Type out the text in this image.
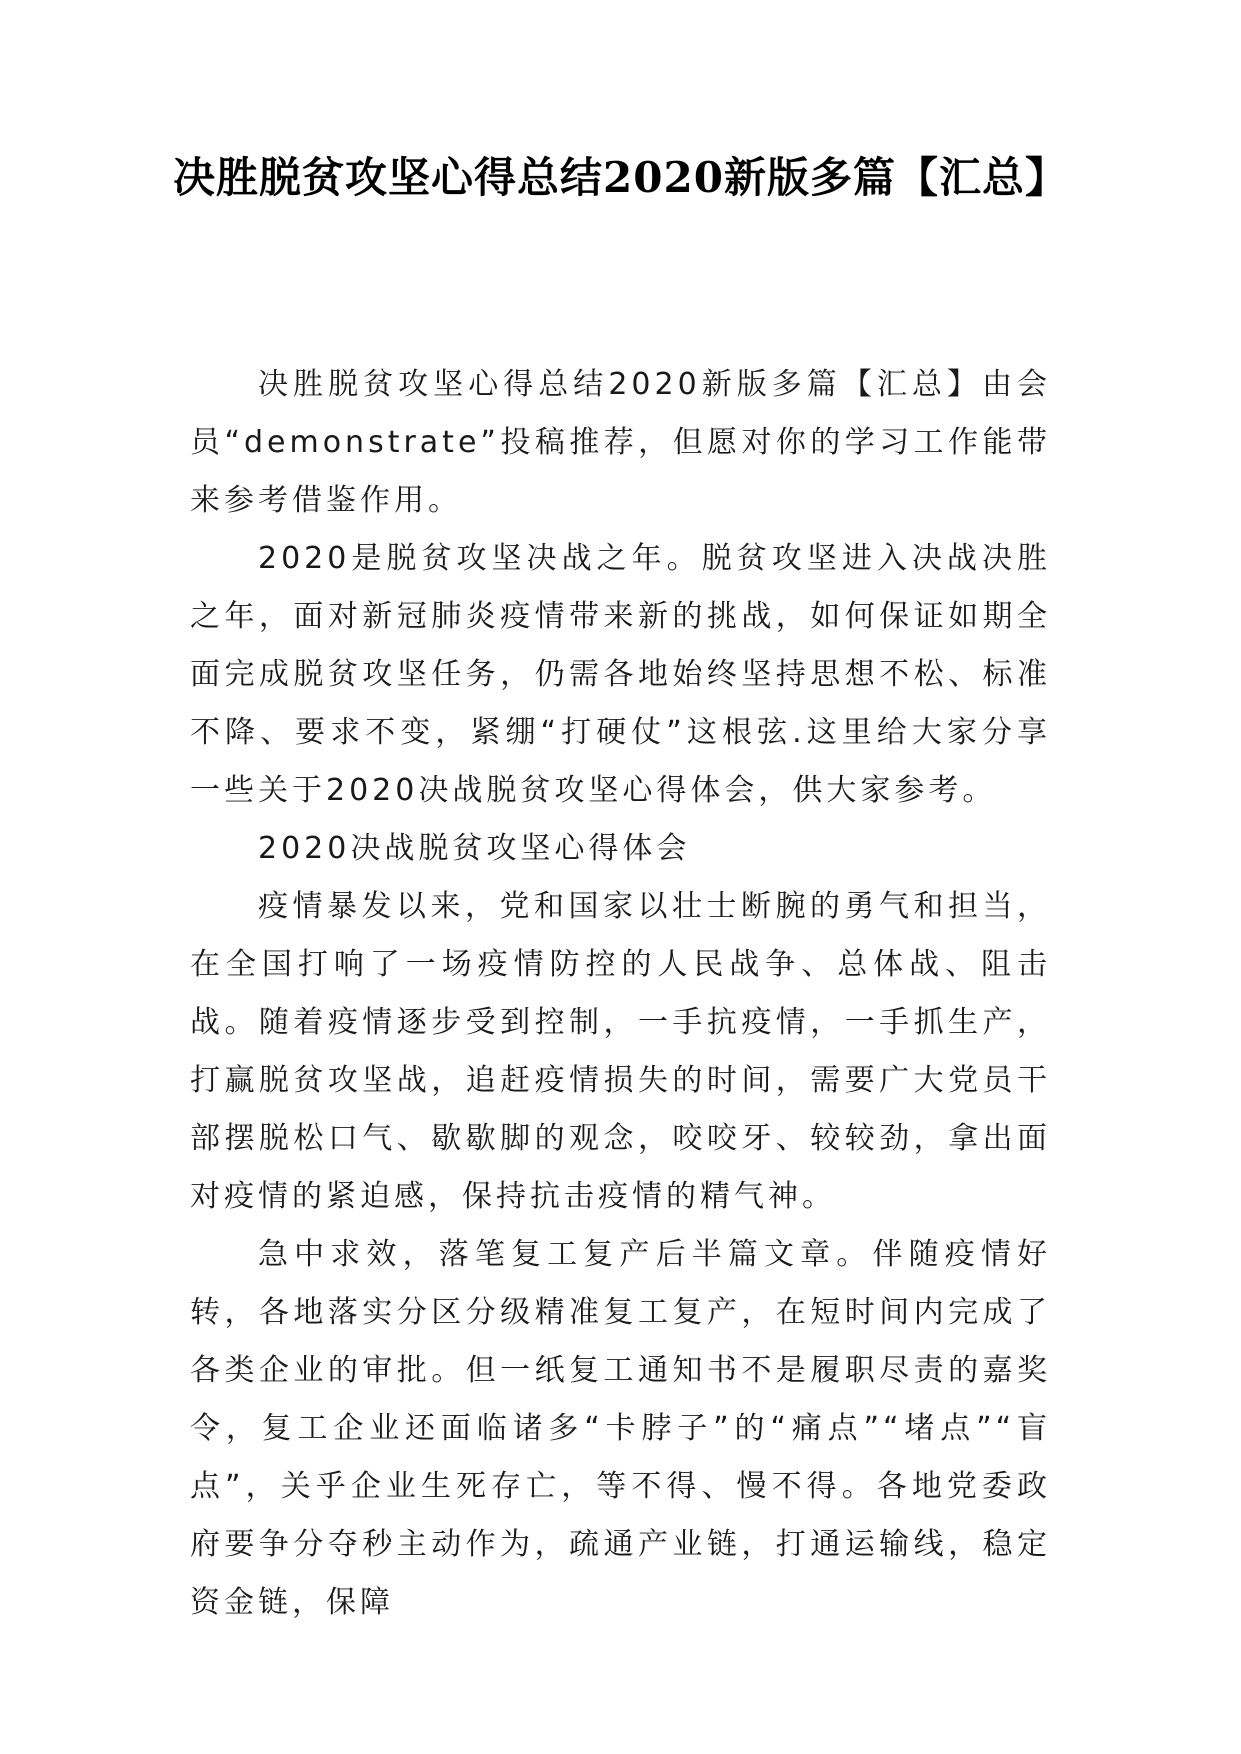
决胜脱贫攻坚心得总结2020新版多篇【汇总】

决胜脱贫攻坚心得总结2020新版多篇【汇总】由会员“demonstrate”投稿推荐，但愿对你的学习工作能带来参考借鉴作用。

2020是脱贫攻坚决战之年。脱贫攻坚进入决战决胜之年，面对新冠肺炎疫情带来新的挑战，如何保证如期全面完成脱贫攻坚任务，仍需各地始终坚持思想不松、标准不降、要求不变，紧绷“打硬仗”这根弦.这里给大家分享一些关于2020决战脱贫攻坚心得体会，供大家参考。

2020决战脱贫攻坚心得体会

疫情暴发以来，党和国家以壮士断腕的勇气和担当，在全国打响了一场疫情防控的人民战争、总体战、阻击战。随着疫情逐步受到控制，一手抗疫情，一手抓生产，打赢脱贫攻坚战，追赶疫情损失的时间，需要广大党员干部摆脱松口气、歇歇脚的观念，咬咬牙、较较劲，拿出面对疫情的紧迫感，保持抗击疫情的精气神。

急中求效，落笔复工复产后半篇文章。伴随疫情好转，各地落实分区分级精准复工复产，在短时间内完成了各类企业的审批。但一纸复工通知书不是履职尽责的嘉奖令，复工企业还面临诸多“卡脖子”的“痛点”“堵点”“盲点”，关乎企业生死存亡，等不得、慢不得。各地党委政府要争分夺秒主动作为，疏通产业链，打通运输线，稳定资金链，保障
